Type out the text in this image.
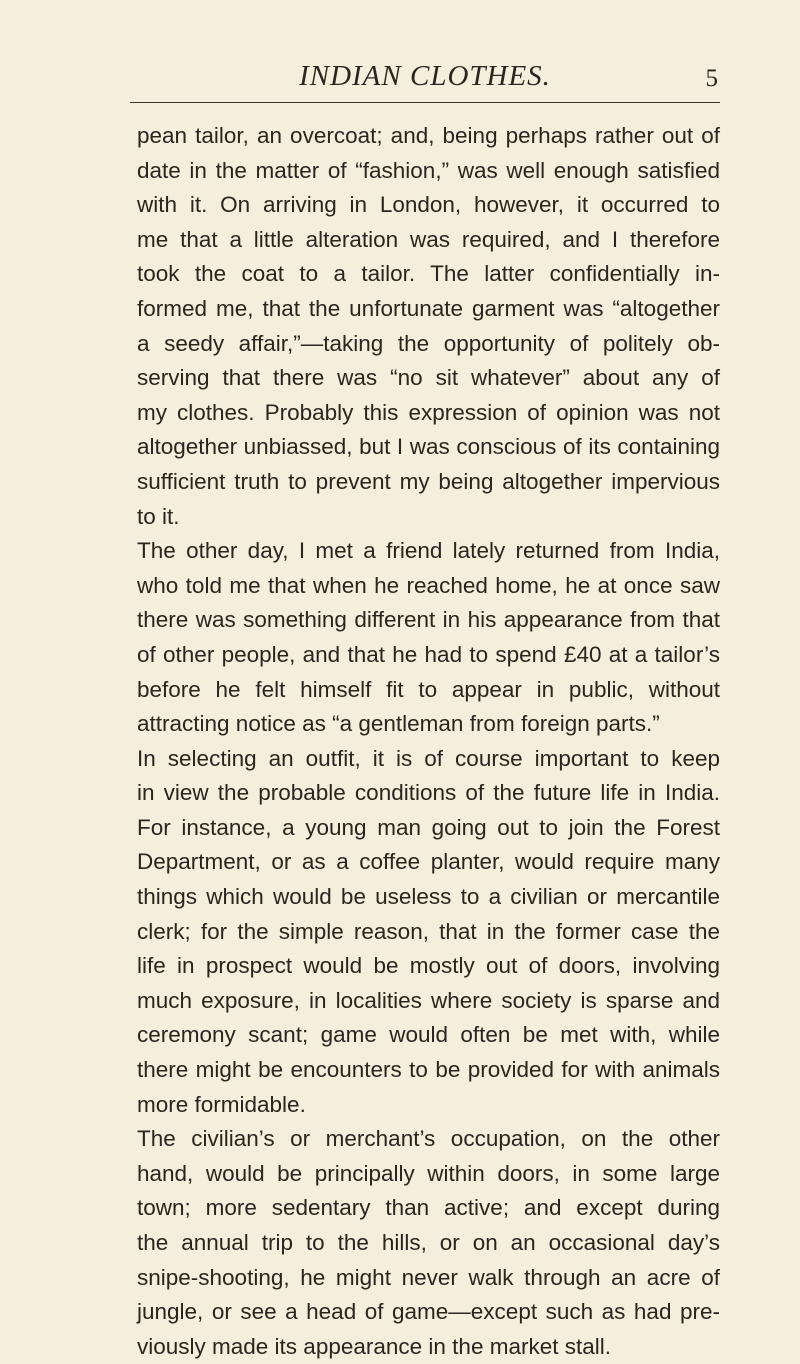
INDIAN CLOTHES.	5
pean tailor, an overcoat; and, being perhaps rather out of
date in the matter of “fashion,” was well enough satisfied
with it. On arriving in London, however, it occurred to
me that a little alteration was required, and I therefore
took the coat to a tailor. The latter confidentially in-
formed me, that the unfortunate garment was “altogether
a seedy affair,”—taking the opportunity of politely ob-
serving that there was “no sit whatever” about any of
my clothes. Probably this expression of opinion was not
altogether unbiassed, but I was conscious of its containing
sufficient truth to prevent my being altogether impervious
to it.
The other day, I met a friend lately returned from India,
who told me that when he reached home, he at once saw
there was something different in his appearance from that
of other people, and that he had to spend £40 at a tailor’s
before he felt himself fit to appear in public, without
attracting notice as “a gentleman from foreign parts.”
In selecting an outfit, it is of course important to keep
in view the probable conditions of the future life in India.
For instance, a young man going out to join the Forest
Department, or as a coffee planter, would require many
things which would be useless to a civilian or mercantile
clerk; for the simple reason, that in the former case the
life in prospect would be mostly out of doors, involving
much exposure, in localities where society is sparse and
ceremony scant; game would often be met with, while
there might be encounters to be provided for with animals
more formidable.
The civilian’s or merchant’s occupation, on the other
hand, would be principally within doors, in some large
town; more sedentary than active; and except during
the annual trip to the hills, or on an occasional day’s
snipe-shooting, he might never walk through an acre of
jungle, or see a head of game—except such as had pre-
viously made its appearance in the market stall.
